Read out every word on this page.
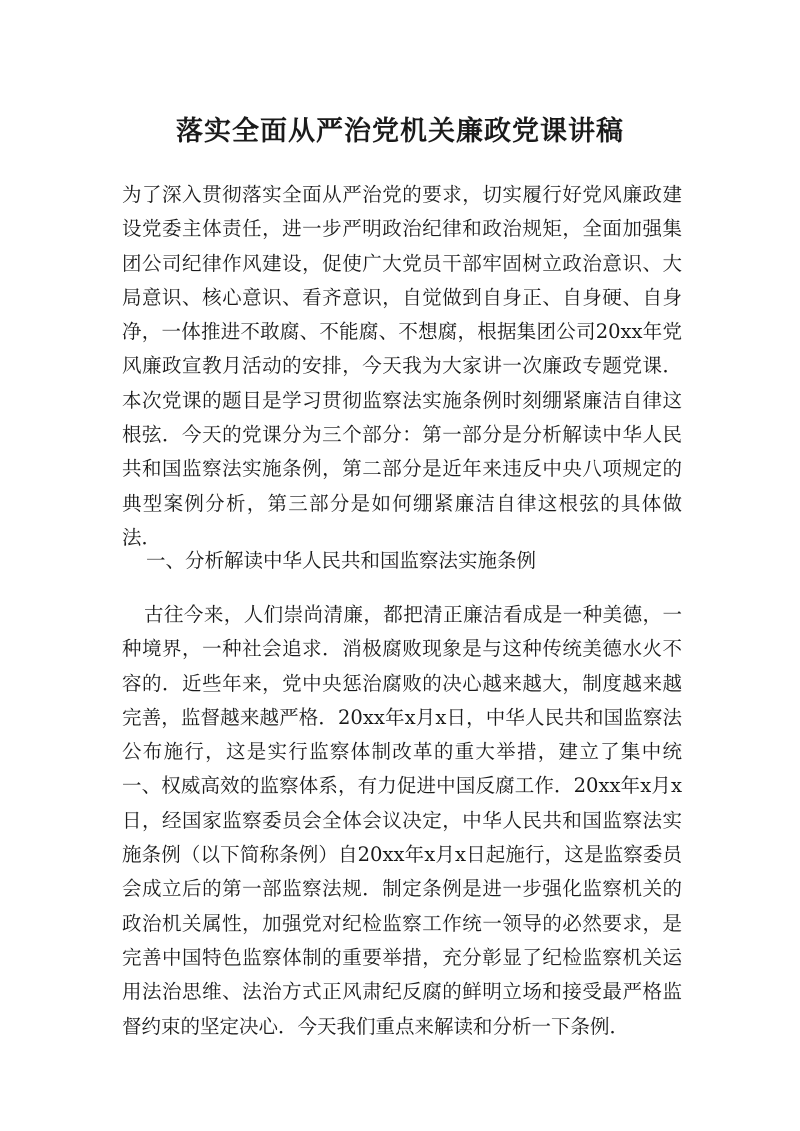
落实全面从严治党机关廉政党课讲稿

为了深入贯彻落实全面从严治党的要求，切实履行好党风廉政建设党委主体责任，进一步严明政治纪律和政治规矩，全面加强集团公司纪律作风建设，促使广大党员干部牢固树立政治意识、大局意识、核心意识、看齐意识，自觉做到自身正、自身硬、自身净，一体推进不敢腐、不能腐、不想腐，根据集团公司20xx年党风廉政宣教月活动的安排，今天我为大家讲一次廉政专题党课．本次党课的题目是学习贯彻监察法实施条例时刻绷紧廉洁自律这根弦．今天的党课分为三个部分：第一部分是分析解读中华人民共和国监察法实施条例，第二部分是近年来违反中央八项规定的典型案例分析，第三部分是如何绷紧廉洁自律这根弦的具体做法．

一、分析解读中华人民共和国监察法实施条例

古往今来，人们崇尚清廉，都把清正廉洁看成是一种美德，一种境界，一种社会追求．消极腐败现象是与这种传统美德水火不容的．近些年来，党中央惩治腐败的决心越来越大，制度越来越完善，监督越来越严格．20xx年x月x日，中华人民共和国监察法公布施行，这是实行监察体制改革的重大举措，建立了集中统一、权威高效的监察体系，有力促进中国反腐工作．20xx年x月x日，经国家监察委员会全体会议决定，中华人民共和国监察法实施条例（以下简称条例）自20xx年x月x日起施行，这是监察委员会成立后的第一部监察法规．制定条例是进一步强化监察机关的政治机关属性，加强党对纪检监察工作统一领导的必然要求，是完善中国特色监察体制的重要举措，充分彰显了纪检监察机关运用法治思维、法治方式正风肃纪反腐的鲜明立场和接受最严格监督约束的坚定决心．今天我们重点来解读和分析一下条例．
